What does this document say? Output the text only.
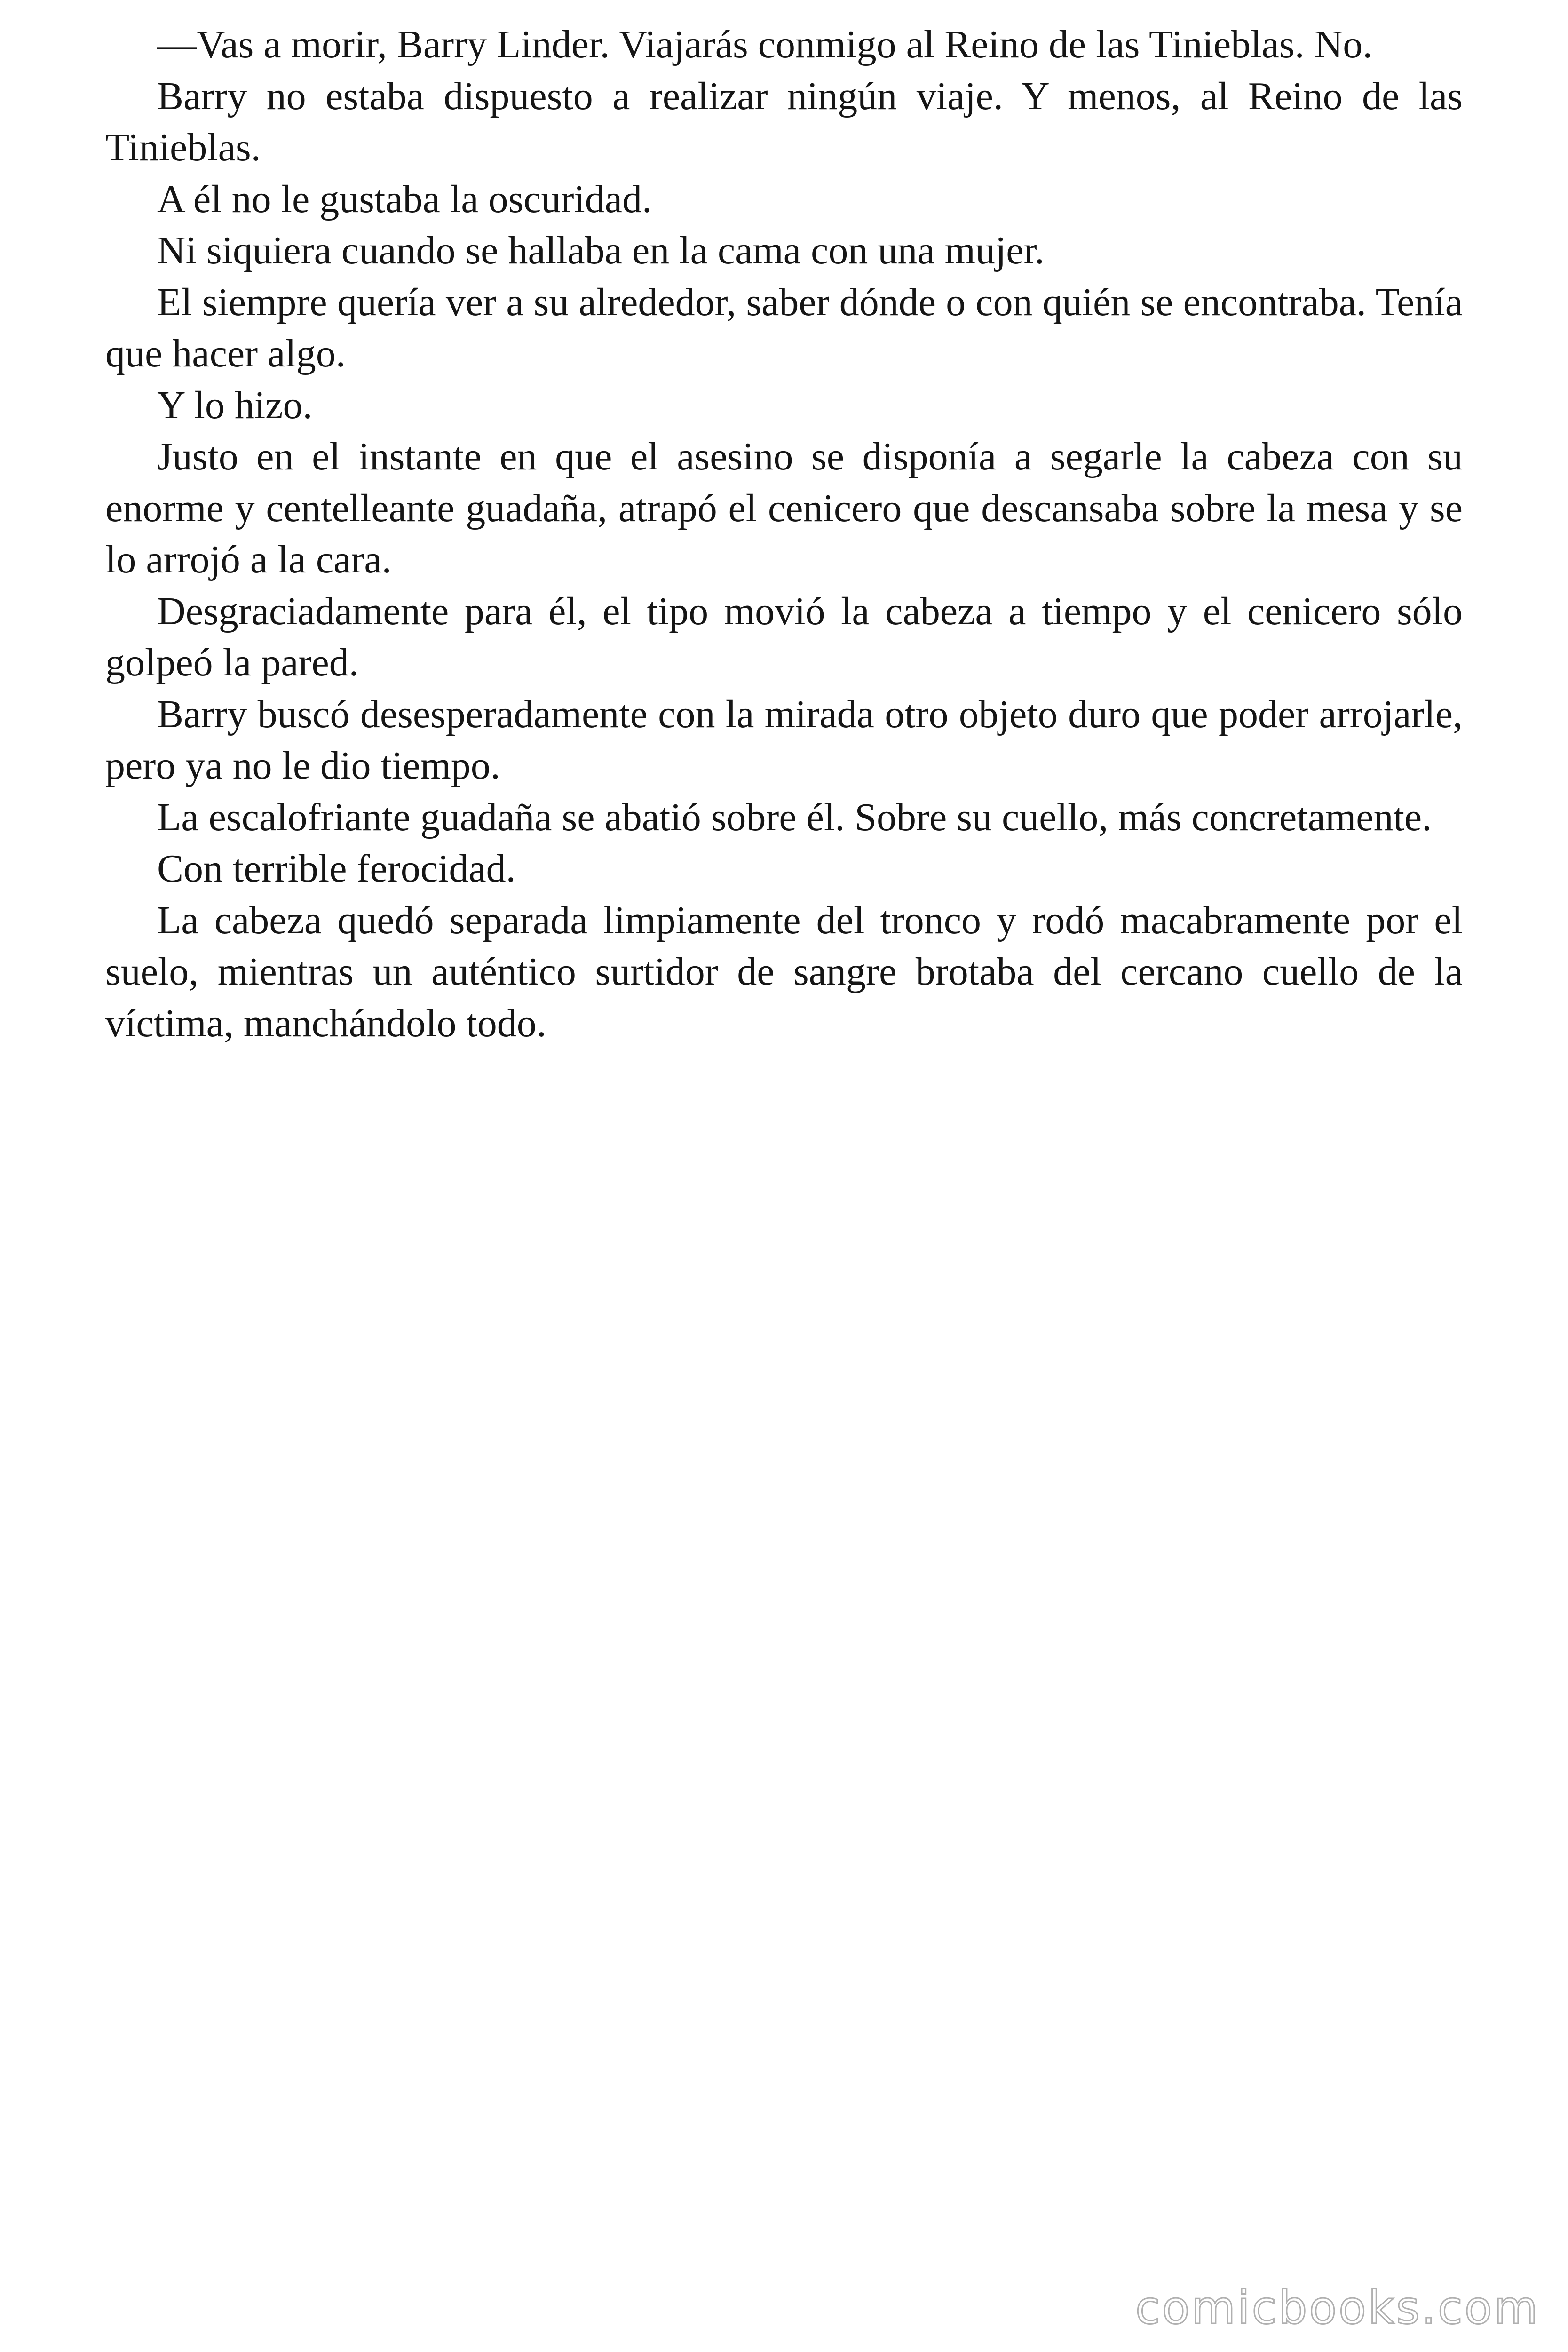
—Vas a morir, Barry Linder. Viajarás conmigo al Reino de las Tinieblas. No.

Barry no estaba dispuesto a realizar ningún viaje. Y menos, al Reino de las Tinieblas.

A él no le gustaba la oscuridad.

Ni siquiera cuando se hallaba en la cama con una mujer.

El siempre quería ver a su alrededor, saber dónde o con quién se encontraba. Tenía que hacer algo.

Y lo hizo.

Justo en el instante en que el asesino se disponía a segarle la cabeza con su enorme y centelleante guadaña, atrapó el cenicero que descansaba sobre la mesa y se lo arrojó a la cara.

Desgraciadamente para él, el tipo movió la cabeza a tiempo y el cenicero sólo golpeó la pared.

Barry buscó desesperadamente con la mirada otro objeto duro que poder arrojarle, pero ya no le dio tiempo.

La escalofriante guadaña se abatió sobre él. Sobre su cuello, más concretamente.

Con terrible ferocidad.

La cabeza quedó separada limpiamente del tronco y rodó macabramente por el suelo, mientras un auténtico surtidor de sangre brotaba del cercano cuello de la víctima, manchándolo todo.

comicbooks.com
